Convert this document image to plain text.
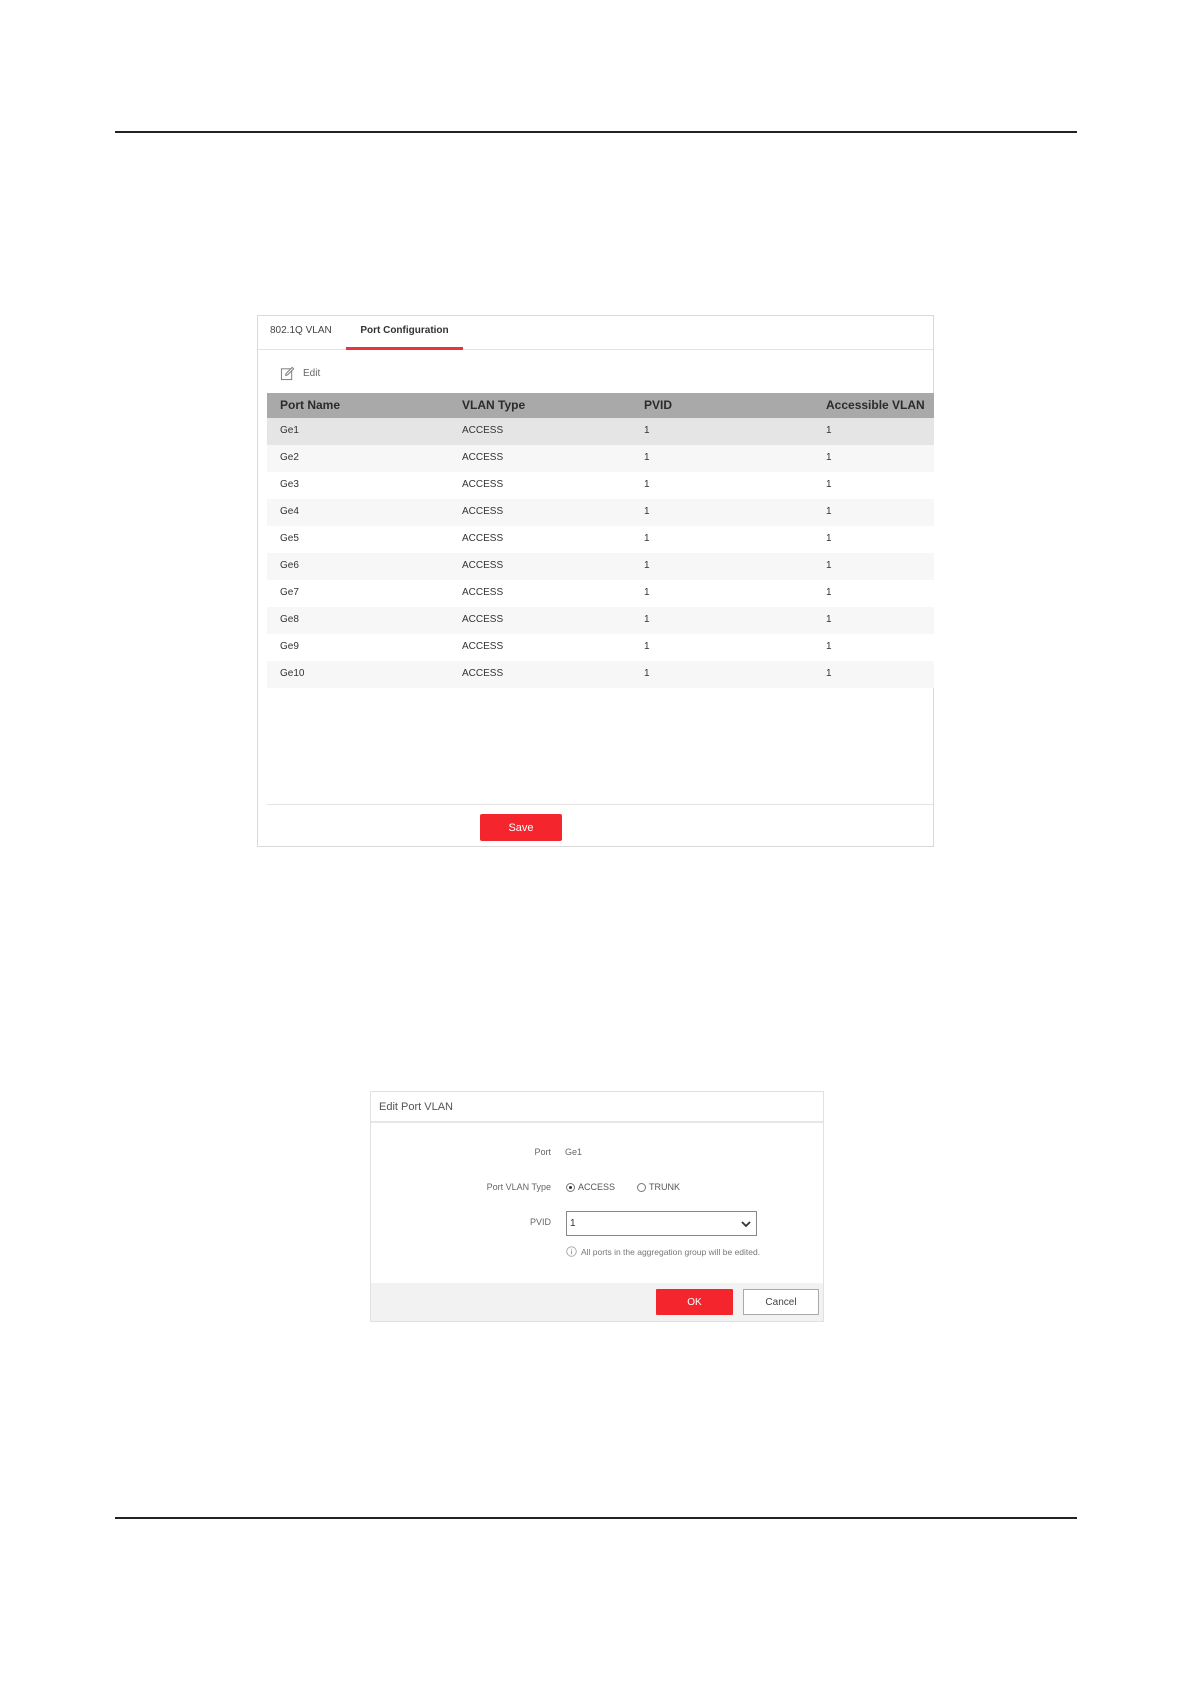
802.1Q VLAN	Port Configuration
Edit
Port Name	VLAN Type	PVID	Accessible VLAN
Ge1	ACCESS	1	1
Ge2	ACCESS	1	1
Ge3	ACCESS	1	1
Ge4	ACCESS	1	1
Ge5	ACCESS	1	1
Ge6	ACCESS	1	1
Ge7	ACCESS	1	1
Ge8	ACCESS	1	1
Ge9	ACCESS	1	1
Ge10	ACCESS	1	1
Save
Edit Port VLAN
Port Ge1
Port VLAN Type	ACCESS	TRUNK
PVID	1
All ports in the aggregation group will be edited.
OK	Cancel
